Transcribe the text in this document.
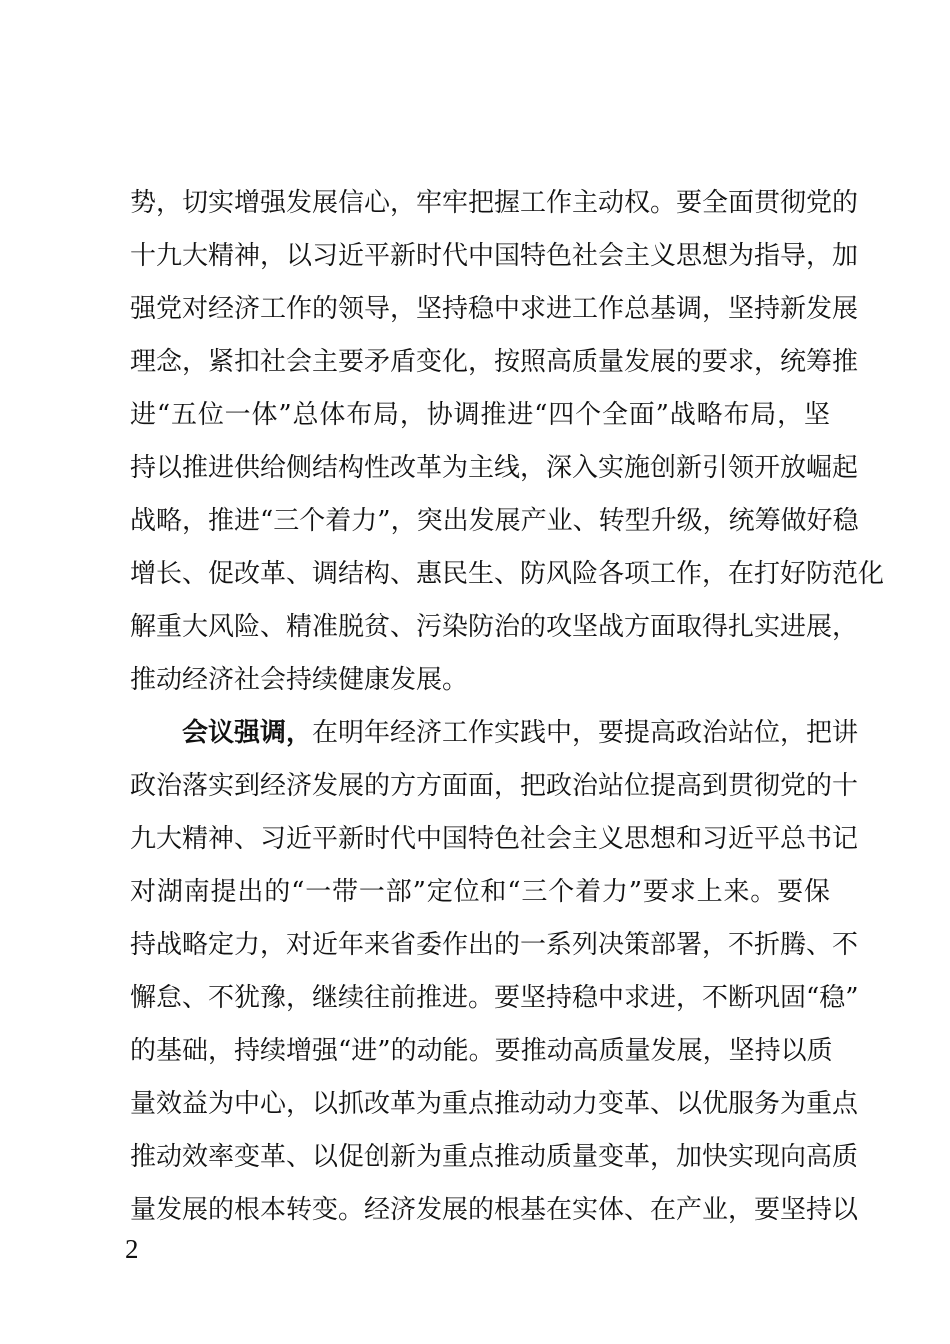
势，切实增强发展信心，牢牢把握工作主动权。要全面贯彻党的
十九大精神，以习近平新时代中国特色社会主义思想为指导，加
强党对经济工作的领导，坚持稳中求进工作总基调，坚持新发展
理念，紧扣社会主要矛盾变化，按照高质量发展的要求，统筹推
进“五位一体”总体布局，协调推进“四个全面”战略布局，坚
持以推进供给侧结构性改革为主线，深入实施创新引领开放崛起
战略，推进“三个着力”，突出发展产业、转型升级，统筹做好稳
增长、促改革、调结构、惠民生、防风险各项工作，在打好防范化
解重大风险、精准脱贫、污染防治的攻坚战方面取得扎实进展，
推动经济社会持续健康发展。
会议强调，在明年经济工作实践中，要提高政治站位，把讲
政治落实到经济发展的方方面面，把政治站位提高到贯彻党的十
九大精神、习近平新时代中国特色社会主义思想和习近平总书记
对湖南提出的“一带一部”定位和“三个着力”要求上来。要保
持战略定力，对近年来省委作出的一系列决策部署，不折腾、不
懈怠、不犹豫，继续往前推进。要坚持稳中求进，不断巩固“稳”
的基础，持续增强“进”的动能。要推动高质量发展，坚持以质
量效益为中心，以抓改革为重点推动动力变革、以优服务为重点
推动效率变革、以促创新为重点推动质量变革，加快实现向高质
量发展的根本转变。经济发展的根基在实体、在产业，要坚持以
2
